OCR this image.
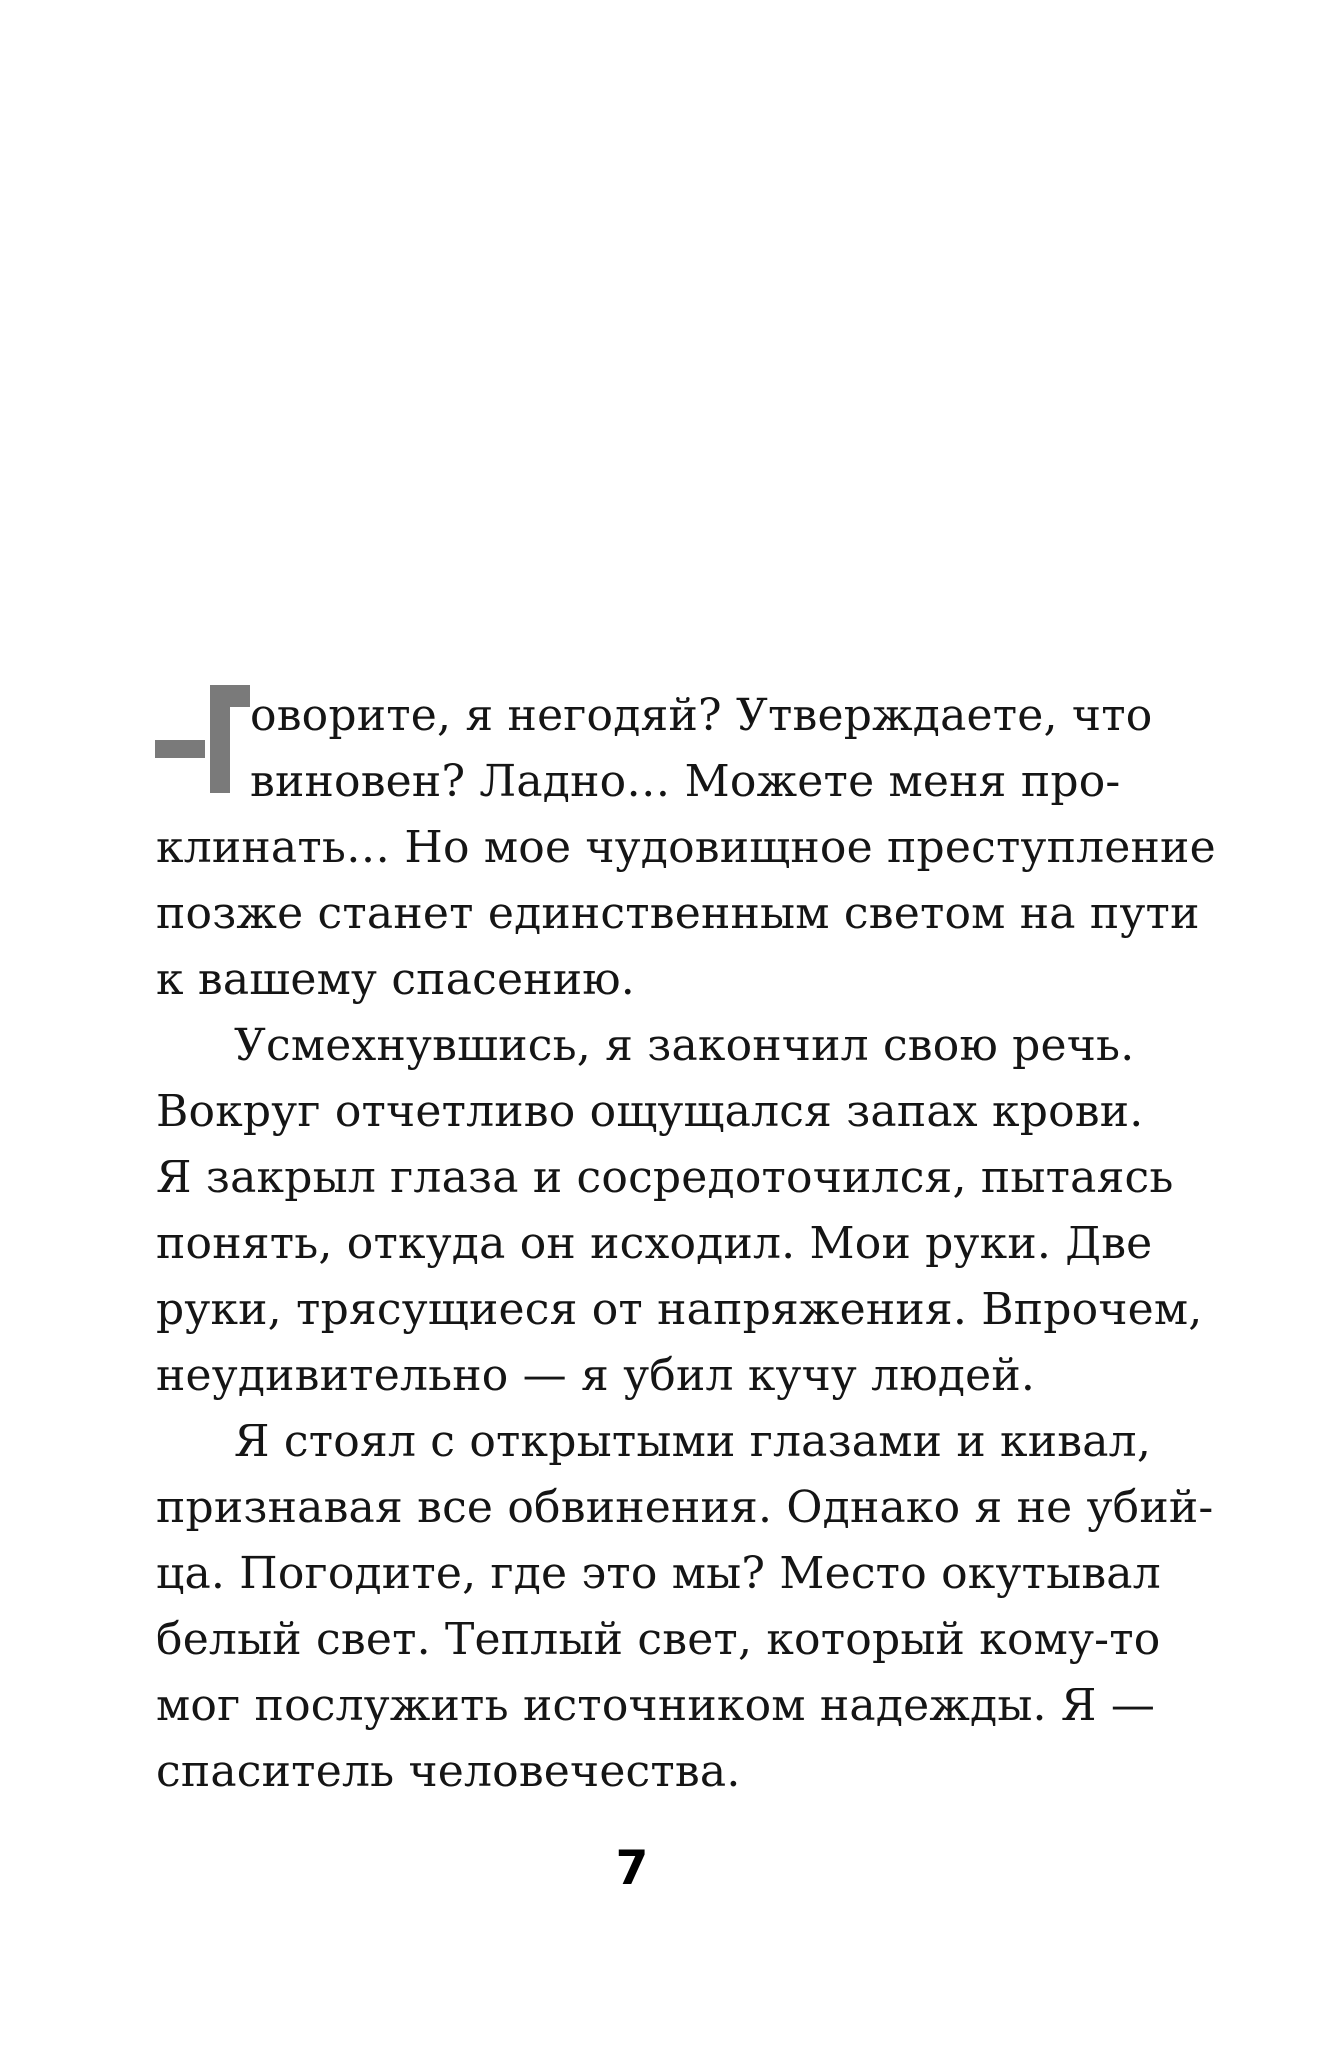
оворите, я негодяй? Утверждаете, что
виновен? Ладно… Можете меня про-
клинать… Но мое чудовищное преступление
позже станет единственным светом на пути
к вашему спасению.
Усмехнувшись, я закончил свою речь.
Вокруг отчетливо ощущался запах крови.
Я закрыл глаза и сосредоточился, пытаясь
понять, откуда он исходил. Мои руки. Две
руки, трясущиеся от напряжения. Впрочем,
неудивительно — я убил кучу людей.
Я стоял с открытыми глазами и кивал,
признавая все обвинения. Однако я не убий-
ца. Погодите, где это мы? Место окутывал
белый свет. Теплый свет, который кому-то
мог послужить источником надежды. Я —
спаситель человечества.
7
